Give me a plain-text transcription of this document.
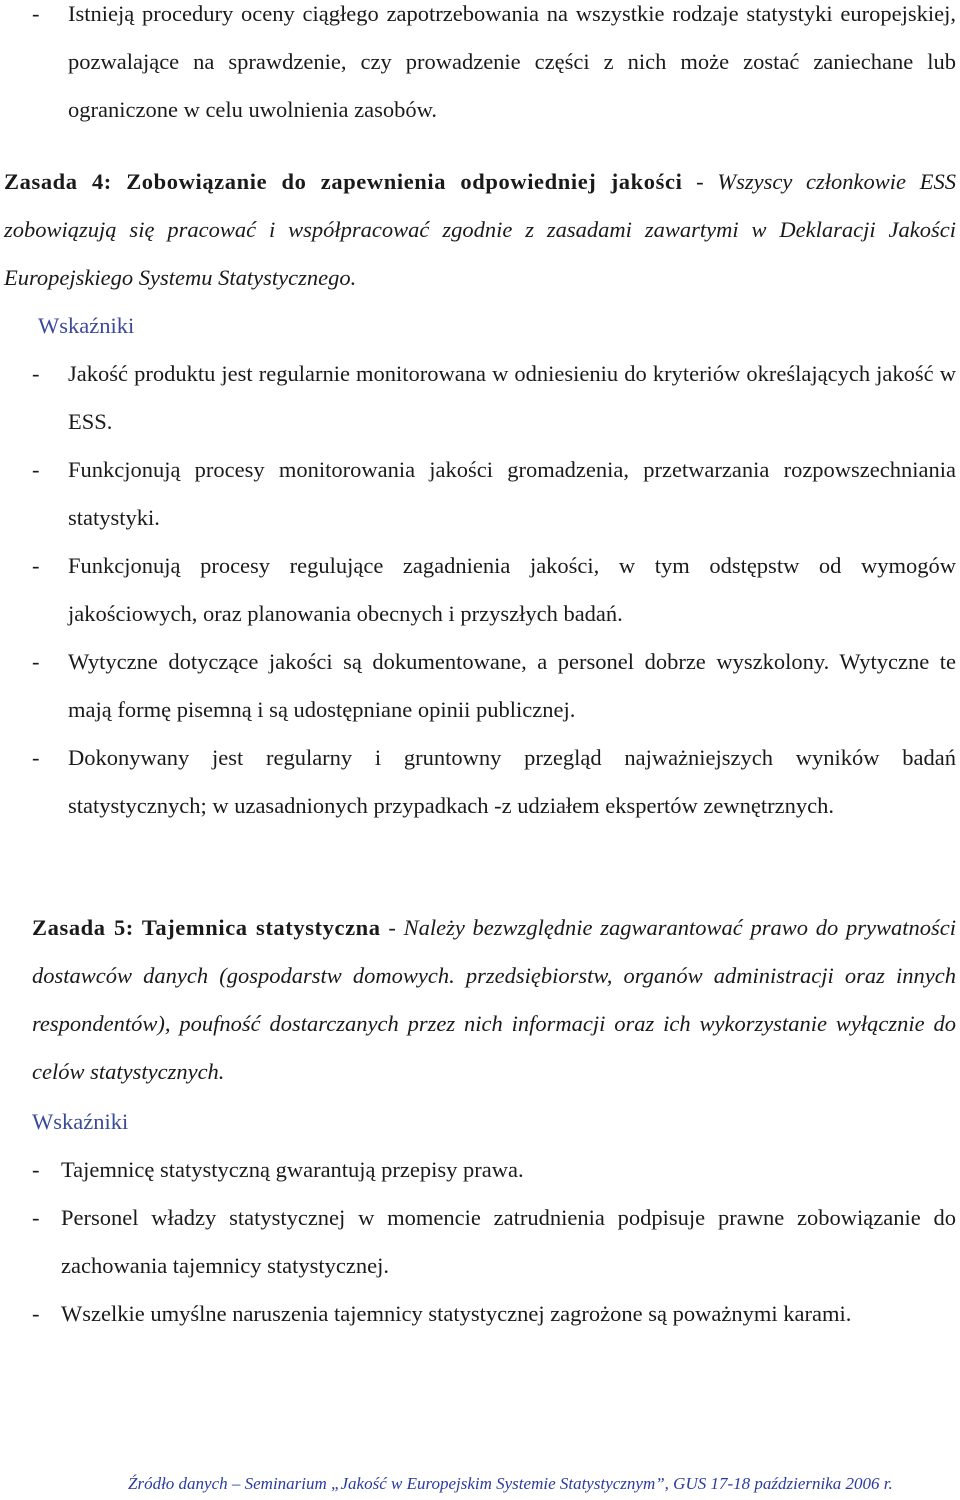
- Istnieją procedury oceny ciągłego zapotrzebowania na wszystkie rodzaje statystyki europejskiej, pozwalające na sprawdzenie, czy prowadzenie części z nich może zostać zaniechane lub ograniczone w celu uwolnienia zasobów.
Zasada 4: Zobowiązanie do zapewnienia odpowiedniej jakości - Wszyscy członkowie ESS zobowiązują się pracować i współpracować zgodnie z zasadami zawartymi w Deklaracji Jakości Europejskiego Systemu Statystycznego.
Wskaźniki
- Jakość produktu jest regularnie monitorowana w odniesieniu do kryteriów określających jakość w ESS.
- Funkcjonują procesy monitorowania jakości gromadzenia, przetwarzania rozpowszechniania statystyki.
- Funkcjonują procesy regulujące zagadnienia jakości, w tym odstępstw od wymogów jakościowych, oraz planowania obecnych i przyszłych badań.
- Wytyczne dotyczące jakości są dokumentowane, a personel dobrze wyszkolony. Wytyczne te mają formę pisemną i są udostępniane opinii publicznej.
- Dokonywany jest regularny i gruntowny przegląd najważniejszych wyników badań statystycznych; w uzasadnionych przypadkach -z udziałem ekspertów zewnętrznych.
Zasada 5: Tajemnica statystyczna - Należy bezwzględnie zagwarantować prawo do prywatności dostawców danych (gospodarstw domowych. przedsiębiorstw, organów administracji oraz innych respondentów), poufność dostarczanych przez nich informacji oraz ich wykorzystanie wyłącznie do celów statystycznych.
Wskaźniki
- Tajemnicę statystyczną gwarantują przepisy prawa.
- Personel władzy statystycznej w momencie zatrudnienia podpisuje prawne zobowiązanie do zachowania tajemnicy statystycznej.
- Wszelkie umyślne naruszenia tajemnicy statystycznej zagrożone są poważnymi karami.
Źródło danych – Seminarium „Jakość w Europejskim Systemie Statystycznym”, GUS 17-18 października 2006 r.
